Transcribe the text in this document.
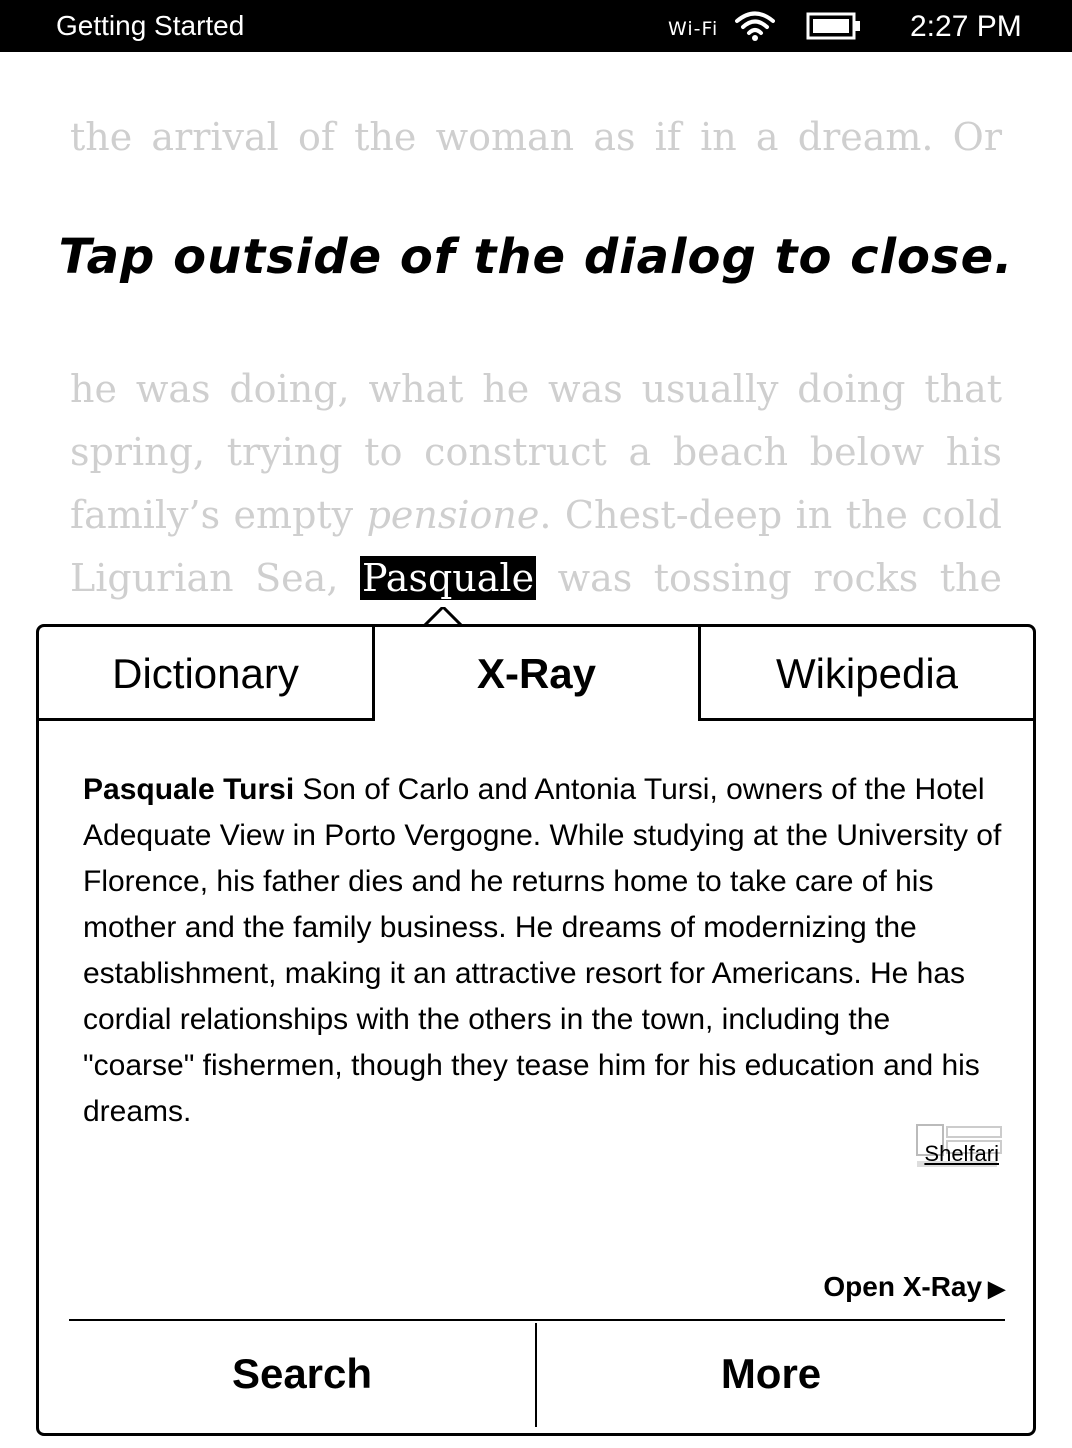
Getting Started	Wi-Fi	2:27 PM
the arrival of the woman as if in a dream. Or
Tap outside of the dialog to close.
he was doing, what he was usually doing that
spring, trying to construct a beach below his
family’s empty pensione. Chest-deep in the cold
Ligurian Sea, Pasquale was tossing rocks the
Dictionary	X-Ray	Wikipedia
Pasquale Tursi Son of Carlo and Antonia Tursi, owners of the Hotel Adequate View in Porto Vergogne. While studying at the University of Florence, his father dies and he returns home to take care of his mother and the family business. He dreams of modernizing the establishment, making it an attractive resort for Americans. He has cordial relationships with the others in the town, including the "coarse" fishermen, though they tease him for his education and his dreams.
Shelfari
Open X-Ray ▶
Search	More
